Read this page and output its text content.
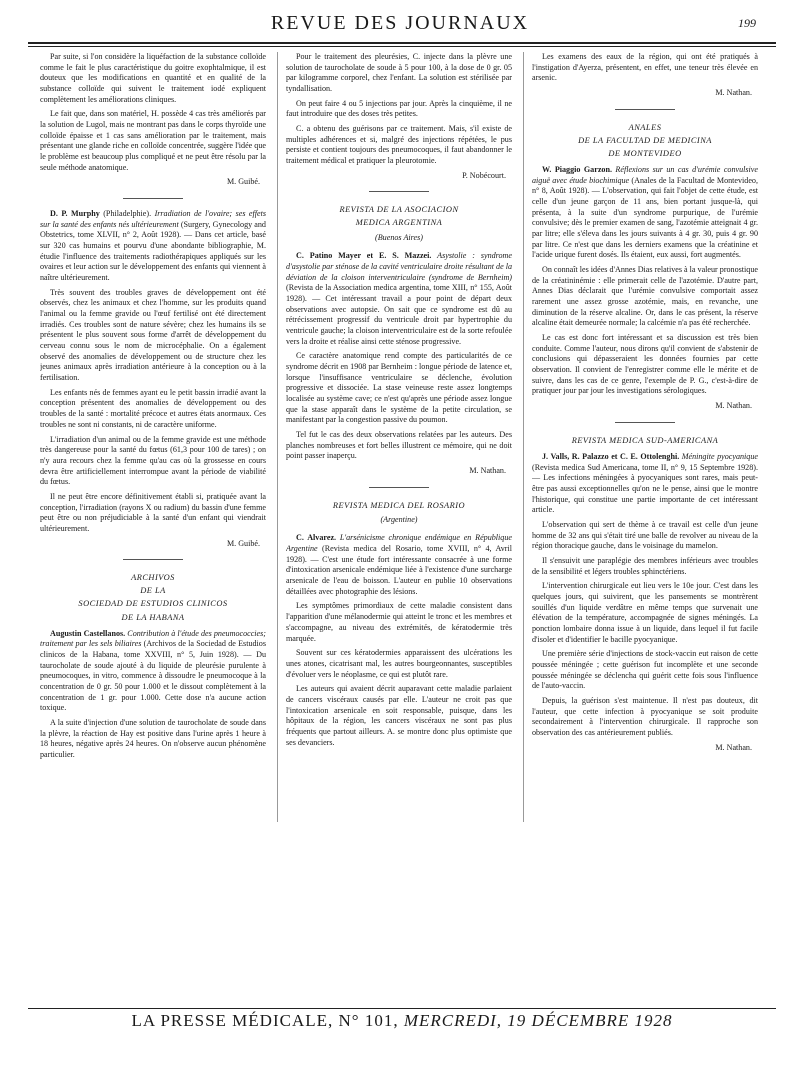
REVUE DES JOURNAUX	199

Par suite, si l'on considère la liquéfaction de la substance colloïde comme le fait le plus caractéristique du goitre exophtalmique, il est douteux que les modifications en quantité et en qualité de la substance colloïde qui suivent le traitement iodé expliquent complètement les améliorations cliniques.

Le fait que, dans son matériel, H. possède 4 cas très améliorés par la solution de Lugol, mais ne montrant pas dans le corps thyroïde une colloïde épaisse et 1 cas sans amélioration par le traitement, mais présentant une glande riche en colloïde concentrée, suggère l'idée que le problème est beaucoup plus compliqué et ne peut être résolu par la seule méthode anatomique.

M. Guibé.

D. P. Murphy (Philadelphie). Irradiation de l'ovaire; ses effets sur la santé des enfants nés ultérieurement (Surgery, Gynecology and Obstetrics, tome XLVII, n° 2, Août 1928). — Dans cet article, basé sur 320 cas humains et pourvu d'une abondante bibliographie, M. étudie l'influence des traitements radiothérapiques appliqués sur les ovaires et leur action sur le développement des enfants qui viennent à naître ultérieurement.

Très souvent des troubles graves de développement ont été observés, chez les animaux et chez l'homme, sur les produits quand l'animal ou la femme gravide ou l'œuf fertilisé ont été directement irradiés. Ces troubles sont de nature sévère; chez les humains ils se présentent le plus souvent sous forme d'arrêt de développement du cerveau connu sous le nom de microcéphalie. On a également observé des anomalies de développement ou de structure chez les jeunes animaux après irradiation antérieure à la conception ou à la fertilisation.

Les enfants nés de femmes ayant eu le petit bassin irradié avant la conception présentent des anomalies de développement ou des troubles de la santé : mortalité précoce et autres états anormaux. Ces troubles ne sont ni constants, ni de caractère uniforme.

L'irradiation d'un animal ou de la femme gravide est une méthode très dangereuse pour la santé du fœtus (61,3 pour 100 de tares) ; on n'y aura recours chez la femme qu'au cas où la grossesse en cours devra être artificiellement interrompue avant la période de viabilité du fœtus.

Il ne peut être encore définitivement établi si, pratiquée avant la conception, l'irradiation (rayons X ou radium) du bassin d'une femme peut être ou non préjudiciable à la santé d'un enfant qui viendrait ultérieurement.

M. Guibé.
ARCHIVOS
DE LA
SOCIEDAD DE ESTUDIOS CLINICOS
DE LA HABANA

Augustin Castellanos. Contribution à l'étude des pneumococcies; traitement par les sels biliaires (Archivos de la Sociedad de Estudios clinicos de la Habana, tome XXVIII, n° 5, Juin 1928). — Du taurocholate de soude ajouté à du liquide de pleurésie purulente à pneumocoques, in vitro, commence à dissoudre le pneumocoque à la concentration de 0 gr. 50 pour 1.000 et le dissout complètement à la concentration de 1 gr. pour 1.000. Cette dose n'a aucune action toxique.

A la suite d'injection d'une solution de taurocholate de soude dans la plèvre, la réaction de Hay est positive dans l'urine après 1 heure à 18 heures, négative après 24 heures. On n'observe aucun phénomène particulier.

Pour le traitement des pleurésies, C. injecte dans la plèvre une solution de taurocholate de soude à 5 pour 100, à la dose de 0 gr. 05 par kilogramme corporel, chez l'enfant. La solution est stérilisée par tyndallisation.

On peut faire 4 ou 5 injections par jour. Après la cinquième, il ne faut introduire que des doses très petites.

C. a obtenu des guérisons par ce traitement. Mais, s'il existe de multiples adhérences et si, malgré des injections répétées, le pus persiste et contient toujours des pneumocoques, il faut abandonner le traitement médical et pratiquer la pleurotomie.

P. Nobécourt.
REVISTA DE LA ASOCIACION
MEDICA ARGENTINA
(Buenos Aires)

C. Patino Mayer et E. S. Mazzei. Asystolie : syndrome d'asystolie par sténose de la cavité ventriculaire droite résultant de la déviation de la cloison interventriculaire (syndrome de Bernheim) (Revista de la Association medica argentina, tome XIII, n° 155, Août 1928). — Cet intéressant travail a pour point de départ deux observations avec autopsie. On sait que ce syndrome est dû au rétrécissement progressif du ventricule droit par hypertrophie du ventricule gauche; la cloison interventriculaire est de la sorte refoulée vers la droite et réalise ainsi cette sténose progressive.

Ce caractère anatomique rend compte des particularités de ce syndrome décrit en 1908 par Bernheim : longue période de latence et, lorsque l'insuffisance ventriculaire se déclenche, évolution progressive et dissociée. La stase veineuse reste assez longtemps localisée au système cave; ce n'est qu'après une période assez longue que la stase apparaît dans le système de la petite circulation, se manifestant par la congestion passive du poumon.

Tel fut le cas des deux observations relatées par les auteurs. Des planches nombreuses et fort belles illustrent ce mémoire, qui ne doit point passer inaperçu.

M. Nathan.
REVISTA MEDICA DEL ROSARIO
(Argentine)

C. Alvarez. L'arsénicisme chronique endémique en République Argentine (Revista medica del Rosario, tome XVIII, n° 4, Avril 1928). — C'est une étude fort intéressante consacrée à une forme d'intoxication arsenicale endémique liée à l'existence d'une surcharge arsenicale de l'eau de boisson. L'auteur en publie 10 observations détaillées avec photographie des lésions.

Les symptômes primordiaux de cette maladie consistent dans l'apparition d'une mélanodermie qui atteint le tronc et les membres et s'accompagne, au niveau des extrémités, de kératodermie très marquée.

Souvent sur ces kératodermies apparaissent des ulcérations les unes atones, cicatrisant mal, les autres bourgeonnantes, susceptibles d'évoluer vers le néoplasme, ce qui est plutôt rare.

Les auteurs qui avaient décrit auparavant cette maladie parlaient de cancers viscéraux causés par elle. L'auteur ne croit pas que l'intoxication arsenicale en soit responsable, puisque, dans les hôpitaux de la région, les cancers viscéraux ne sont pas plus fréquents que partout ailleurs. A. se montre donc plus optimiste que ses devanciers.

Les examens des eaux de la région, qui ont été pratiqués à l'instigation d'Ayerza, présentent, en effet, une teneur très élevée en arsenic.

M. Nathan.
ANALES
DE LA FACULTAD DE MEDICINA
DE MONTEVIDEO

W. Piaggio Garzon. Réflexions sur un cas d'urémie convulsive aiguë avec étude biochimique (Anales de la Facultad de Montevideo, n° 8, Août 1928). — L'observation, qui fait l'objet de cette étude, est celle d'un jeune garçon de 11 ans, bien portant jusque-là, qui présenta, à la suite d'un syndrome purpurique, de l'urémie convulsive; dès le premier examen de sang, l'azotémie atteignait 4 gr. par litre; elle s'éleva dans les jours suivants à 4 gr. 30, puis 4 gr. 90 par litre. Ce n'est que dans les derniers examens que la créatinine et l'acide urique furent dosés. Ils étaient, eux aussi, fort augmentés.

On connaît les idées d'Annes Dias relatives à la valeur pronostique de la créatininémie : elle primerait celle de l'azotémie. D'autre part, Annes Dias déclarait que l'urémie convulsive comportait assez rarement une assez grosse azotémie, mais, en revanche, une diminution de la réserve alcaline. Or, dans le cas présent, la réserve alcaline était demeurée normale; la calcémie n'a pas été recherchée.

Le cas est donc fort intéressant et sa discussion est très bien conduite. Comme l'auteur, nous dirons qu'il convient de s'abstenir de conclusions qui dépasseraient les données fournies par cette observation. Il convient de l'enregistrer comme elle le mérite et de suivre, dans les cas de ce genre, l'exemple de P. G., c'est-à-dire de pratiquer jour par jour les investigations sérologiques.

M. Nathan.
REVISTA MEDICA SUD-AMERICANA

J. Valls, R. Palazzo et C. E. Ottolenghi. Méningite pyocyanique (Revista medica Sud Americana, tome II, n° 9, 15 Septembre 1928). — Les infections méningées à pyocyaniques sont rares, mais peut-être pas aussi exceptionnelles qu'on ne le pense, ainsi que le montre l'historique, qui constitue une partie importante de cet intéressant article.

L'observation qui sert de thème à ce travail est celle d'un jeune homme de 32 ans qui s'était tiré une balle de revolver au niveau de la région thoracique gauche, dans le voisinage du mamelon.

Il s'ensuivit une paraplégie des membres inférieurs avec troubles de la sensibilité et légers troubles sphinctériens.

L'intervention chirurgicale eut lieu vers le 10e jour. C'est dans les quelques jours, qui suivirent, que les pansements se montrèrent souillés d'un liquide verdâtre en même temps que survenait une élévation de la température, accompagnée de signes méningés. La ponction lombaire donna issue à un liquide, dans lequel il fut facile d'isoler et d'identifier le bacille pyocyanique.

Une première série d'injections de stock-vaccin eut raison de cette poussée méningée ; cette guérison fut incomplète et une seconde poussée méningée se déclencha qui guérit cette fois sous l'influence de l'auto-vaccin.

Depuis, la guérison s'est maintenue. Il n'est pas douteux, dit l'auteur, que cette infection à pyocyanique se soit produite secondairement à l'intervention chirurgicale. Il rapproche son observation des cas antérieurement publiés.

M. Nathan.
LA PRESSE MÉDICALE, N° 101, MERCREDI, 19 DÉCEMBRE 1928
